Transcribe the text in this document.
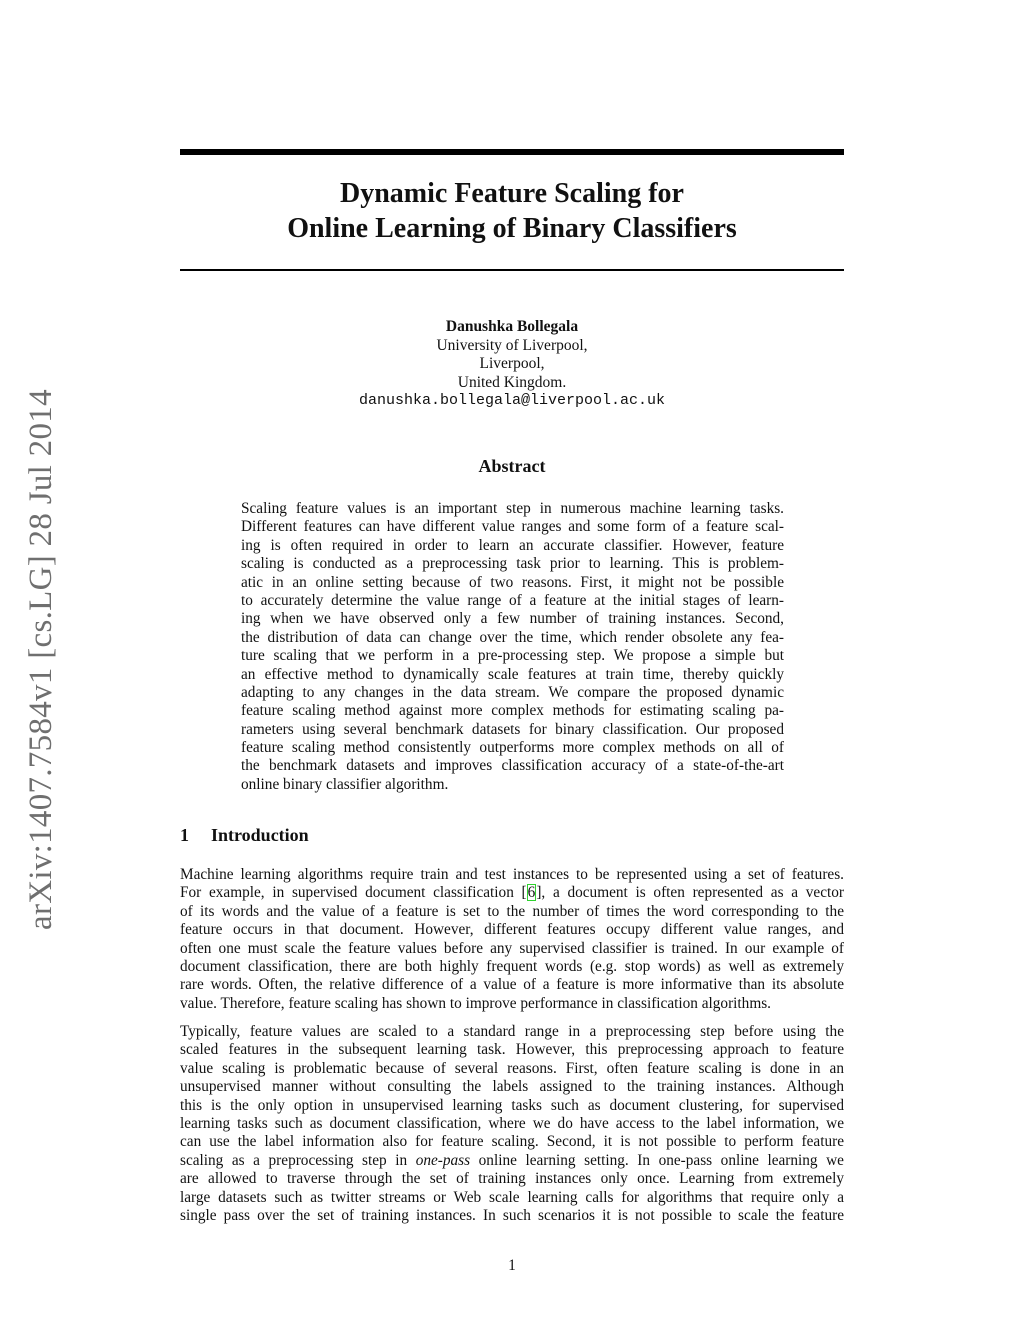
Dynamic Feature Scaling for
Online Learning of Binary Classifiers
arXiv:1407.7584v1 [cs.LG] 28 Jul 2014
Danushka Bollegala
University of Liverpool,
Liverpool,
United Kingdom.
danushka.bollegala@liverpool.ac.uk
Abstract
Scaling feature values is an important step in numerous machine learning tasks.
Different features can have different value ranges and some form of a feature scal-
ing is often required in order to learn an accurate classifier. However, feature
scaling is conducted as a preprocessing task prior to learning. This is problem-
atic in an online setting because of two reasons. First, it might not be possible
to accurately determine the value range of a feature at the initial stages of learn-
ing when we have observed only a few number of training instances. Second,
the distribution of data can change over the time, which render obsolete any fea-
ture scaling that we perform in a pre-processing step. We propose a simple but
an effective method to dynamically scale features at train time, thereby quickly
adapting to any changes in the data stream. We compare the proposed dynamic
feature scaling method against more complex methods for estimating scaling pa-
rameters using several benchmark datasets for binary classification. Our proposed
feature scaling method consistently outperforms more complex methods on all of
the benchmark datasets and improves classification accuracy of a state-of-the-art
online binary classifier algorithm.
1 Introduction
Machine learning algorithms require train and test instances to be represented using a set of features.
For example, in supervised document classification [6], a document is often represented as a vector
of its words and the value of a feature is set to the number of times the word corresponding to the
feature occurs in that document. However, different features occupy different value ranges, and
often one must scale the feature values before any supervised classifier is trained. In our example of
document classification, there are both highly frequent words (e.g. stop words) as well as extremely
rare words. Often, the relative difference of a value of a feature is more informative than its absolute
value. Therefore, feature scaling has shown to improve performance in classification algorithms.
Typically, feature values are scaled to a standard range in a preprocessing step before using the
scaled features in the subsequent learning task. However, this preprocessing approach to feature
value scaling is problematic because of several reasons. First, often feature scaling is done in an
unsupervised manner without consulting the labels assigned to the training instances. Although
this is the only option in unsupervised learning tasks such as document clustering, for supervised
learning tasks such as document classification, where we do have access to the label information, we
can use the label information also for feature scaling. Second, it is not possible to perform feature
scaling as a preprocessing step in one-pass online learning setting. In one-pass online learning we
are allowed to traverse through the set of training instances only once. Learning from extremely
large datasets such as twitter streams or Web scale learning calls for algorithms that require only a
single pass over the set of training instances. In such scenarios it is not possible to scale the feature
1
